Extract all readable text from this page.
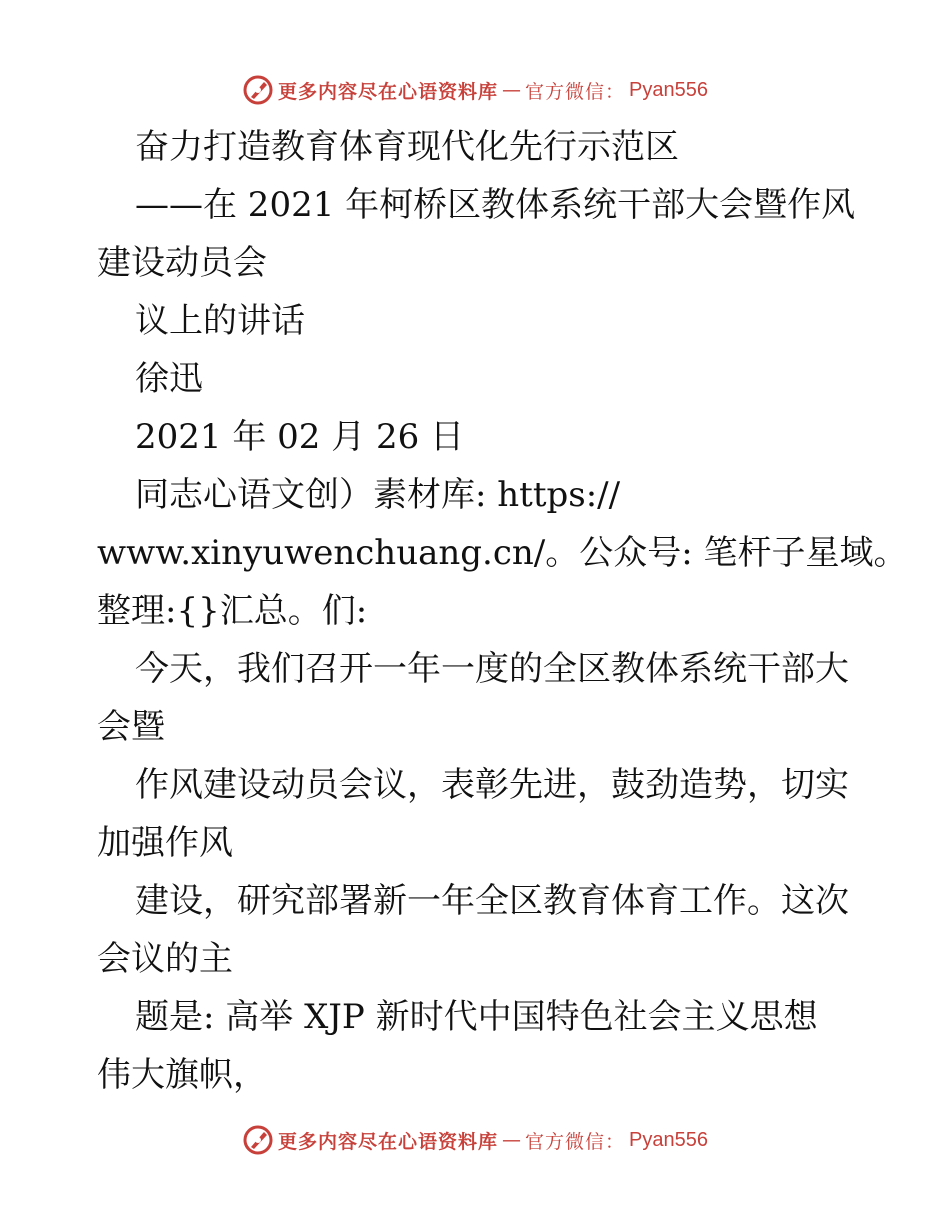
更多内容尽在心语资料库 — 官方微信： Pyan556
奋力打造教育体育现代化先行示范区
——在 2021 年柯桥区教体系统干部大会暨作风
建设动员会
议上的讲话
徐迅
2021 年 02 月 26 日
同志心语文创）素材库: https://
www.xinyuwenchuang.cn/。公众号: 笔杆子星域。
整理:{}汇总。们:
今天，我们召开一年一度的全区教体系统干部大
会暨
作风建设动员会议，表彰先进，鼓劲造势，切实
加强作风
建设，研究部署新一年全区教育体育工作。这次
会议的主
题是: 高举 XJP 新时代中国特色社会主义思想
伟大旗帜，
更多内容尽在心语资料库 — 官方微信： Pyan556
